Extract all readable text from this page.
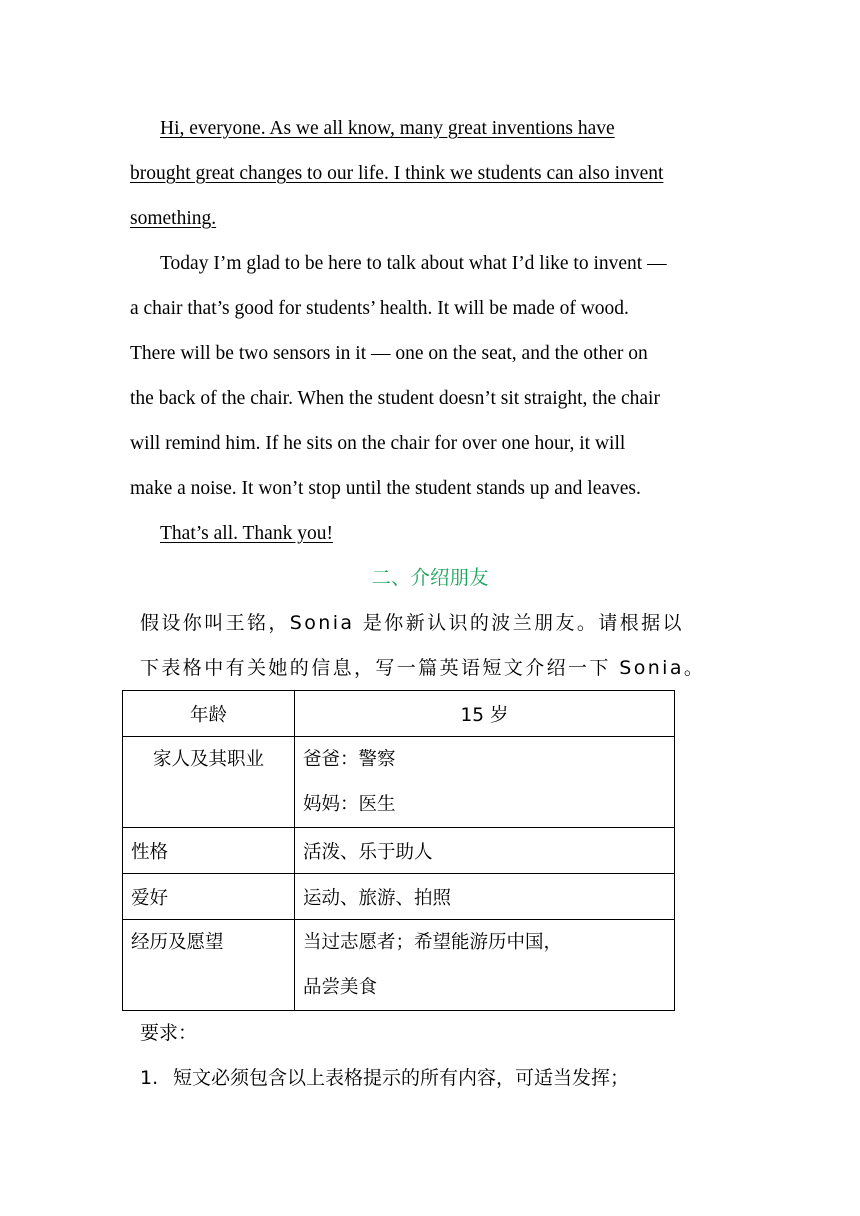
Hi, everyone. As we all know, many great inventions have
brought great changes to our life. I think we students can also invent
something.
Today I’m glad to be here to talk about what I’d like to invent —
a chair that’s good for students’ health. It will be made of wood.
There will be two sensors in it — one on the seat, and the other on
the back of the chair. When the student doesn’t sit straight, the chair
will remind him. If he sits on the chair for over one hour, it will
make a noise. It won’t stop until the student stands up and leaves.
That’s all. Thank you!
二、介绍朋友
假设你叫王铭，Sonia 是你新认识的波兰朋友。请根据以
下表格中有关她的信息，写一篇英语短文介绍一下 Sonia。
年龄	15 岁

家人及其职业	爸爸：警察
妈妈：医生

性格	活泼、乐于助人
爱好	运动、旅游、拍照

经历及愿望	当过志愿者；希望能游历中国，
品尝美食
要求：
1. 短文必须包含以上表格提示的所有内容，可适当发挥；
